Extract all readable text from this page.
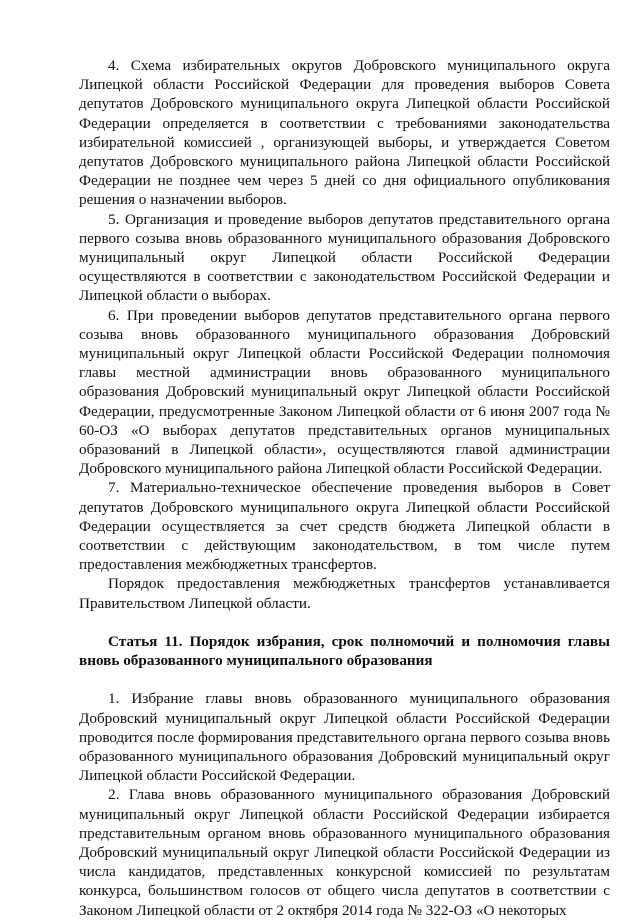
4. Схема избирательных округов Добровского муниципального округа Липецкой области Российской Федерации для проведения выборов Совета депутатов Добровского муниципального округа Липецкой области Российской Федерации определяется в соответствии с требованиями законодательства избирательной комиссией , организующей выборы, и утверждается Советом депутатов Добровского муниципального района Липецкой области Российской Федерации не позднее чем через 5 дней со дня официального опубликования решения о назначении выборов.

5. Организация и проведение выборов депутатов представительного органа первого созыва вновь образованного муниципального образования Добровского муниципальный округ Липецкой области Российской Федерации осуществляются в соответствии с законодательством Российской Федерации и Липецкой области о выборах.

6. При проведении выборов депутатов представительного органа первого созыва вновь образованного муниципального образования Добровский муниципальный округ Липецкой области Российской Федерации полномочия главы местной администрации вновь образованного муниципального образования Добровский муниципальный округ Липецкой области Российской Федерации, предусмотренные Законом Липецкой области от 6 июня 2007 года № 60-ОЗ «О выборах депутатов представительных органов муниципальных образований в Липецкой области», осуществляются главой администрации Добровского муниципального района Липецкой области Российской Федерации.

7. Материально-техническое обеспечение проведения выборов в Совет депутатов Добровского муниципального округа Липецкой области Российской Федерации осуществляется за счет средств бюджета Липецкой области в соответствии с действующим законодательством, в том числе путем предоставления межбюджетных трансфертов.

Порядок предоставления межбюджетных трансфертов устанавливается Правительством Липецкой области.

Статья 11. Порядок избрания, срок полномочий и полномочия главы вновь образованного муниципального образования

1. Избрание главы вновь образованного муниципального образования Добровский муниципальный округ Липецкой области Российской Федерации проводится после формирования представительного органа первого созыва вновь образованного муниципального образования Добровский муниципальный округ Липецкой области Российской Федерации.

2. Глава вновь образованного муниципального образования Добровский муниципальный округ Липецкой области Российской Федерации избирается представительным органом вновь образованного муниципального образования Добровский муниципальный округ Липецкой области Российской Федерации из числа кандидатов, представленных конкурсной комиссией по результатам конкурса, большинством голосов от общего числа депутатов в соответствии с Законом Липецкой области от 2 октября 2014 года № 322-ОЗ «О некоторых
